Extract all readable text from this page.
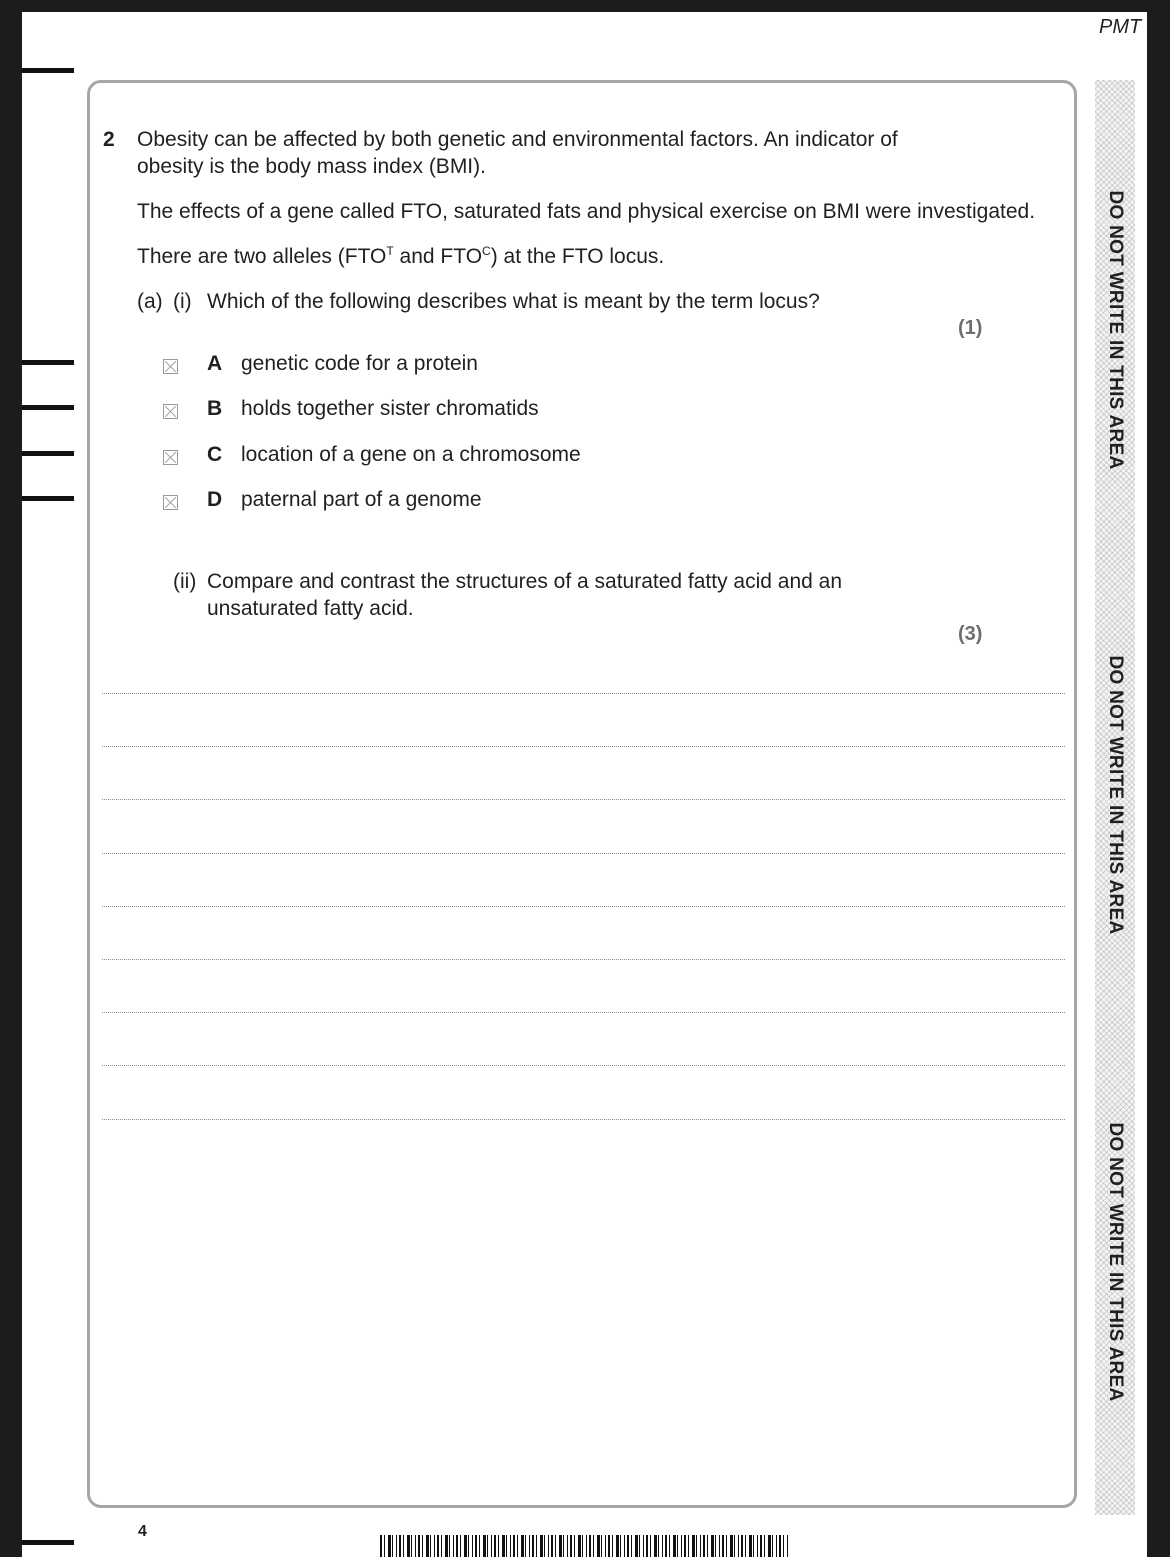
PMT
DO NOT WRITE IN THIS AREA
DO NOT WRITE IN THIS AREA
DO NOT WRITE IN THIS AREA
2 Obesity can be affected by both genetic and environmental factors. An indicator of
obesity is the body mass index (BMI).
The effects of a gene called FTO, saturated fats and physical exercise on BMI were investigated.
There are two alleles ($FTO^T$ and $FTO^C$) at the FTO locus.
(a) (i) Which of the following describes what is meant by the term locus?
(1)
A genetic code for a protein
B holds together sister chromatids
C location of a gene on a chromosome
D paternal part of a genome
(ii) Compare and contrast the structures of a saturated fatty acid and an
unsaturated fatty acid.
(3)
4
